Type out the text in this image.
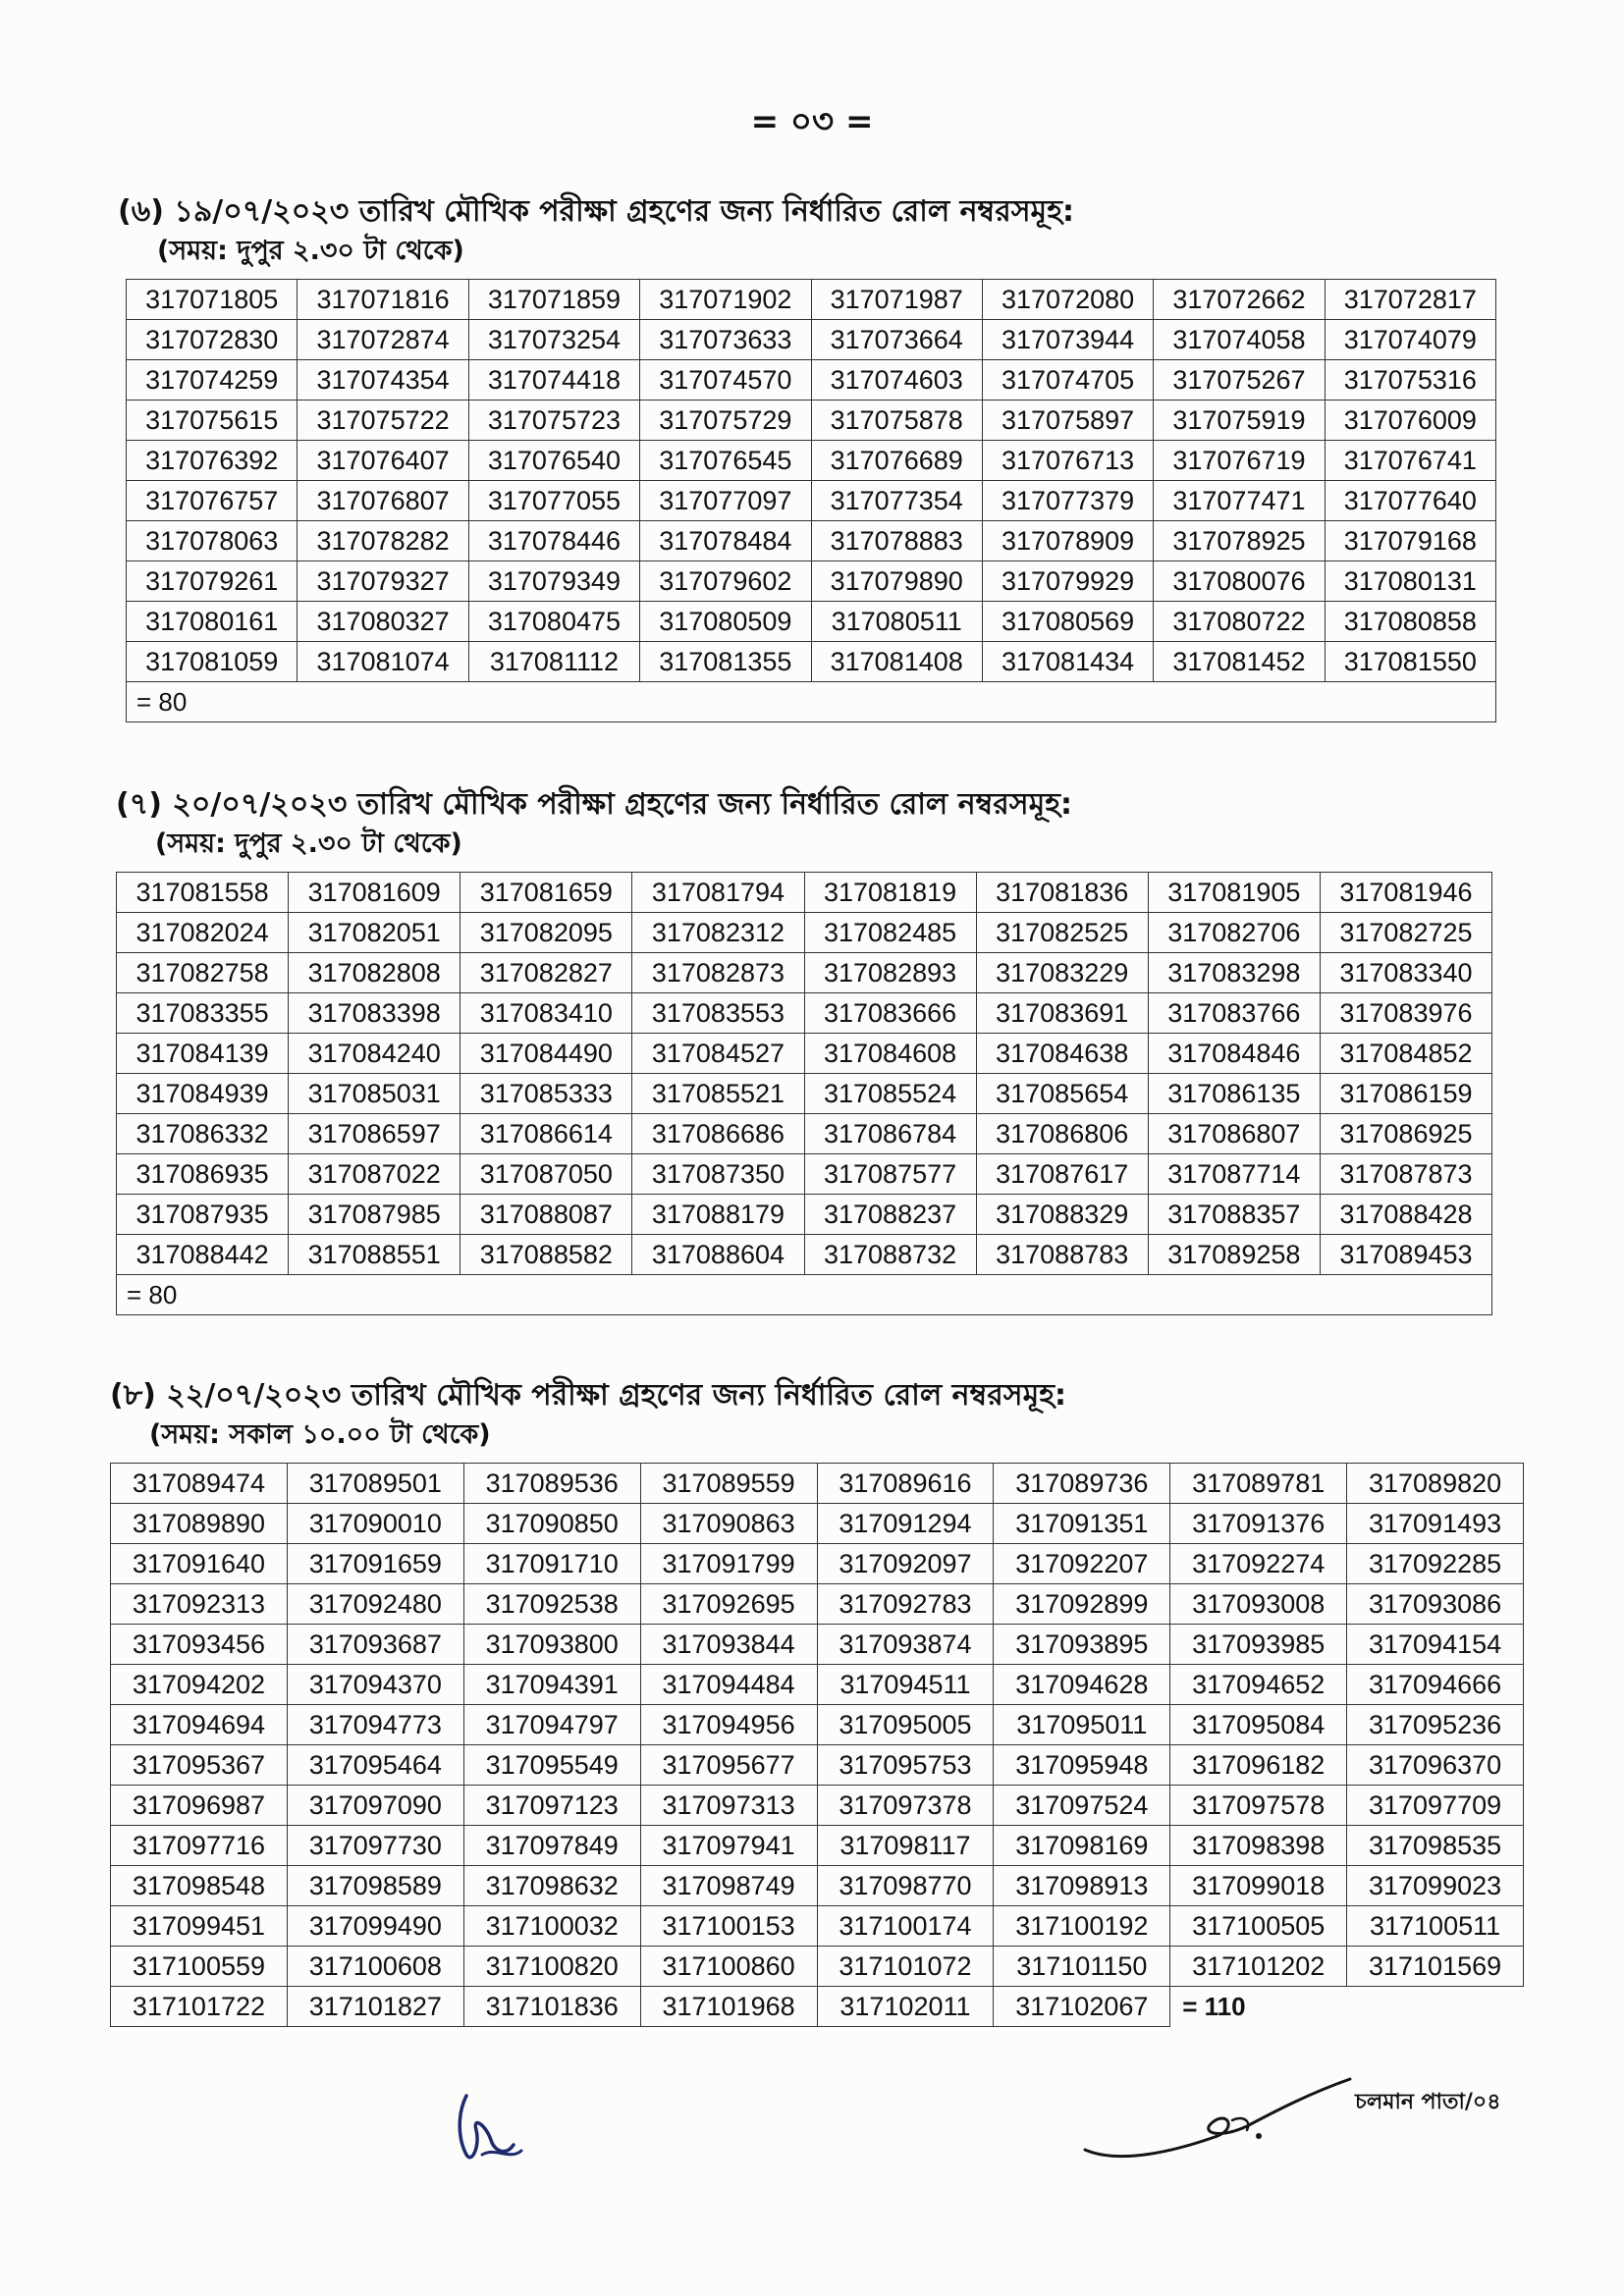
= ০৩ =
(৬) ১৯/০৭/২০২৩ তারিখ মৌখিক পরীক্ষা গ্রহণের জন্য নির্ধারিত রোল নম্বরসমূহ:
(সময়: দুপুর ২.৩০ টা থেকে)
317071805	317071816	317071859	317071902	317071987	317072080	317072662	317072817
317072830	317072874	317073254	317073633	317073664	317073944	317074058	317074079
317074259	317074354	317074418	317074570	317074603	317074705	317075267	317075316
317075615	317075722	317075723	317075729	317075878	317075897	317075919	317076009
317076392	317076407	317076540	317076545	317076689	317076713	317076719	317076741
317076757	317076807	317077055	317077097	317077354	317077379	317077471	317077640
317078063	317078282	317078446	317078484	317078883	317078909	317078925	317079168
317079261	317079327	317079349	317079602	317079890	317079929	317080076	317080131
317080161	317080327	317080475	317080509	317080511	317080569	317080722	317080858
317081059	317081074	317081112	317081355	317081408	317081434	317081452	317081550
= 80							
(৭) ২০/০৭/২০২৩ তারিখ মৌখিক পরীক্ষা গ্রহণের জন্য নির্ধারিত রোল নম্বরসমূহ:
(সময়: দুপুর ২.৩০ টা থেকে)
317081558	317081609	317081659	317081794	317081819	317081836	317081905	317081946
317082024	317082051	317082095	317082312	317082485	317082525	317082706	317082725
317082758	317082808	317082827	317082873	317082893	317083229	317083298	317083340
317083355	317083398	317083410	317083553	317083666	317083691	317083766	317083976
317084139	317084240	317084490	317084527	317084608	317084638	317084846	317084852
317084939	317085031	317085333	317085521	317085524	317085654	317086135	317086159
317086332	317086597	317086614	317086686	317086784	317086806	317086807	317086925
317086935	317087022	317087050	317087350	317087577	317087617	317087714	317087873
317087935	317087985	317088087	317088179	317088237	317088329	317088357	317088428
317088442	317088551	317088582	317088604	317088732	317088783	317089258	317089453
= 80							
(৮) ২২/০৭/২০২৩ তারিখ মৌখিক পরীক্ষা গ্রহণের জন্য নির্ধারিত রোল নম্বরসমূহ:
(সময়: সকাল ১০.০০ টা থেকে)
317089474	317089501	317089536	317089559	317089616	317089736	317089781	317089820
317089890	317090010	317090850	317090863	317091294	317091351	317091376	317091493
317091640	317091659	317091710	317091799	317092097	317092207	317092274	317092285
317092313	317092480	317092538	317092695	317092783	317092899	317093008	317093086
317093456	317093687	317093800	317093844	317093874	317093895	317093985	317094154
317094202	317094370	317094391	317094484	317094511	317094628	317094652	317094666
317094694	317094773	317094797	317094956	317095005	317095011	317095084	317095236
317095367	317095464	317095549	317095677	317095753	317095948	317096182	317096370
317096987	317097090	317097123	317097313	317097378	317097524	317097578	317097709
317097716	317097730	317097849	317097941	317098117	317098169	317098398	317098535
317098548	317098589	317098632	317098749	317098770	317098913	317099018	317099023
317099451	317099490	317100032	317100153	317100174	317100192	317100505	317100511
317100559	317100608	317100820	317100860	317101072	317101150	317101202	317101569
317101722	317101827	317101836	317101968	317102011	317102067	= 110	
চলমান পাতা/০৪
